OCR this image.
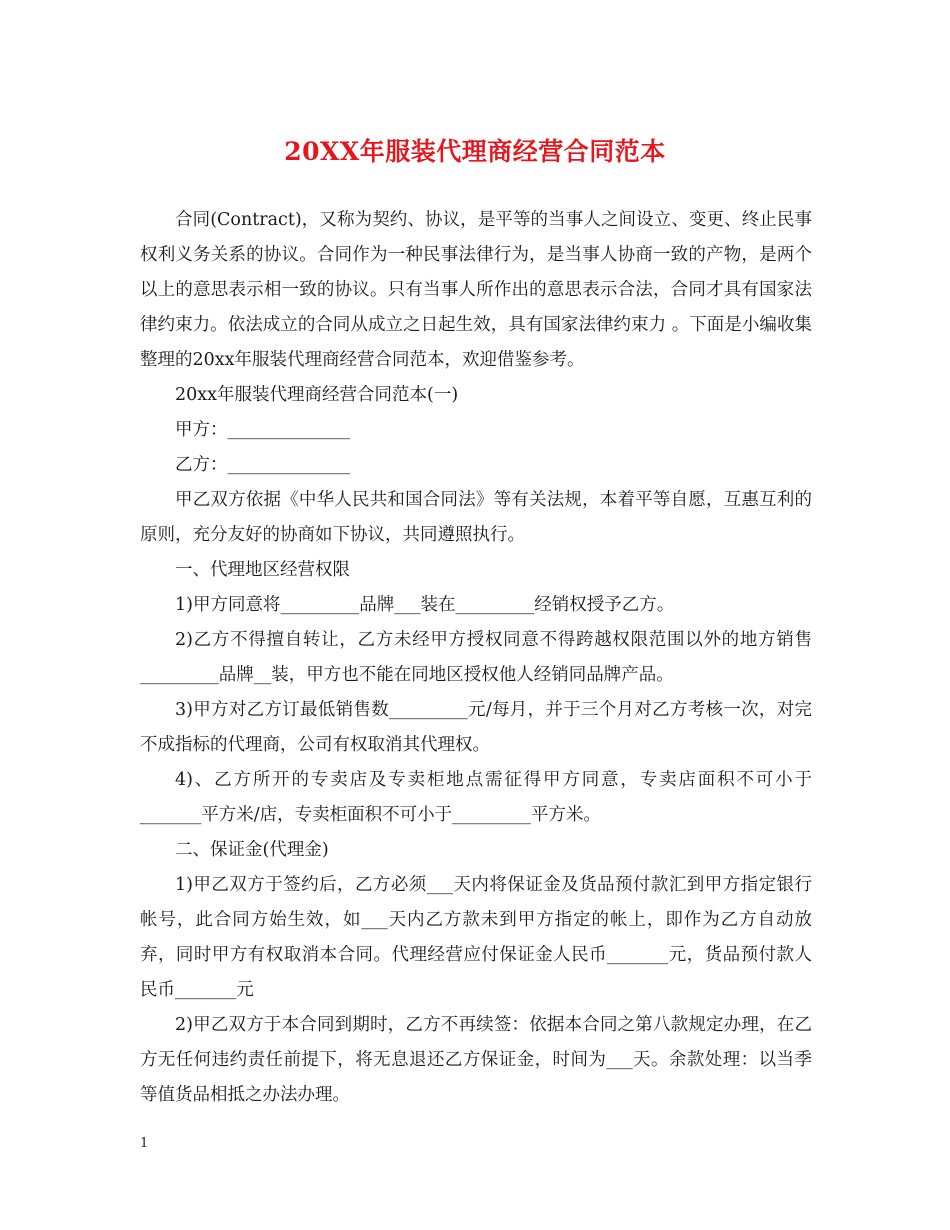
20XX年服装代理商经营合同范本

合同(Contract)，又称为契约、协议，是平等的当事人之间设立、变更、终止民事权利义务关系的协议。合同作为一种民事法律行为，是当事人协商一致的产物，是两个以上的意思表示相一致的协议。只有当事人所作出的意思表示合法，合同才具有国家法律约束力。依法成立的合同从成立之日起生效，具有国家法律约束力 。下面是小编收集整理的20xx年服装代理商经营合同范本，欢迎借鉴参考。

20xx年服装代理商经营合同范本(一)

甲方：______________

乙方：______________

甲乙双方依据《中华人民共和国合同法》等有关法规，本着平等自愿，互惠互利的原则，充分友好的协商如下协议，共同遵照执行。

一、代理地区经营权限

1)甲方同意将_________品牌___装在_________经销权授予乙方。

2)乙方不得擅自转让，乙方未经甲方授权同意不得跨越权限范围以外的地方销售_________品牌__装，甲方也不能在同地区授权他人经销同品牌产品。

3)甲方对乙方订最低销售数_________元/每月，并于三个月对乙方考核一次，对完不成指标的代理商，公司有权取消其代理权。

4)、乙方所开的专卖店及专卖柜地点需征得甲方同意，专卖店面积不可小于_______平方米/店，专卖柜面积不可小于_________平方米。

二、保证金(代理金)

1)甲乙双方于签约后，乙方必须___天内将保证金及货品预付款汇到甲方指定银行帐号，此合同方始生效，如___天内乙方款未到甲方指定的帐上，即作为乙方自动放弃，同时甲方有权取消本合同。代理经营应付保证金人民币_______元，货品预付款人民币_______元

2)甲乙双方于本合同到期时，乙方不再续签：依据本合同之第八款规定办理，在乙方无任何违约责任前提下，将无息退还乙方保证金，时间为___天。余款处理：以当季等值货品相抵之办法办理。

1
